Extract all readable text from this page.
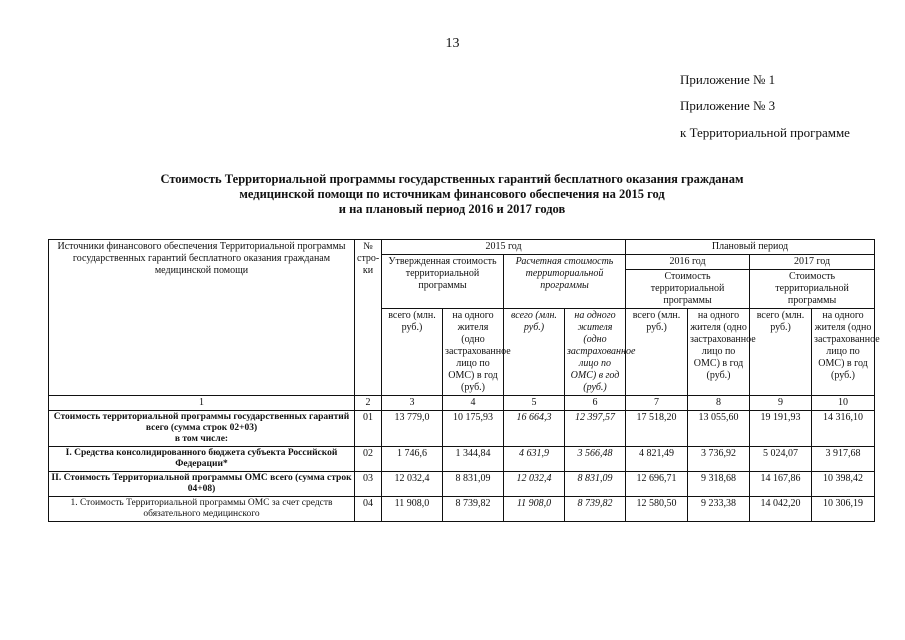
13
Приложение № 1
Приложение № 3
к Территориальной программе
Стоимость Территориальной программы государственных гарантий бесплатного оказания гражданам
медицинской помощи по источникам финансового обеспечения на 2015 год
и на плановый период 2016 и 2017 годов
Источники финансового обеспечения Территориальной программы государственных гарантий бесплатного оказания гражданам медицинской помощи	№ стро-ки	2015 год				Плановый период			
		Утвержденная стоимость территориальной программы		Расчетная стоимость территориальной программы		2016 год		2017 год	
						Стоимость территориальной программы		Стоимость территориальной программы	
		всего (млн. руб.)	на одного жителя (одно застрахованное лицо по ОМС) в год (руб.)	всего (млн. руб.)	на одного жителя (одно застрахованное лицо по ОМС) в год (руб.)	всего (млн. руб.)	на одного жителя (одно застрахованное лицо по ОМС) в год (руб.)	всего (млн. руб.)	на одного жителя (одно застрахованное лицо по ОМС) в год (руб.)
1	2	3	4	5	6	7	8	9	10

Стоимость территориальной программы государственных гарантий всего (сумма строк 02+03)
в том числе:	01	13 779,0	10 175,93	16 664,3	12 397,57	17 518,20	13 055,60	19 191,93	14 316,10
I. Средства консолидированного бюджета субъекта Российской Федерации*	02	1 746,6	1 344,84	4 631,9	3 566,48	4 821,49	3 736,92	5 024,07	3 917,68
II. Стоимость Территориальной программы ОМС всего (сумма строк 04+08)	03	12 032,4	8 831,09	12 032,4	8 831,09	12 696,71	9 318,68	14 167,86	10 398,42
1. Стоимость Территориальной программы ОМС за счет средств обязательного медицинского	04	11 908,0	8 739,82	11 908,0	8 739,82	12 580,50	9 233,38	14 042,20	10 306,19
